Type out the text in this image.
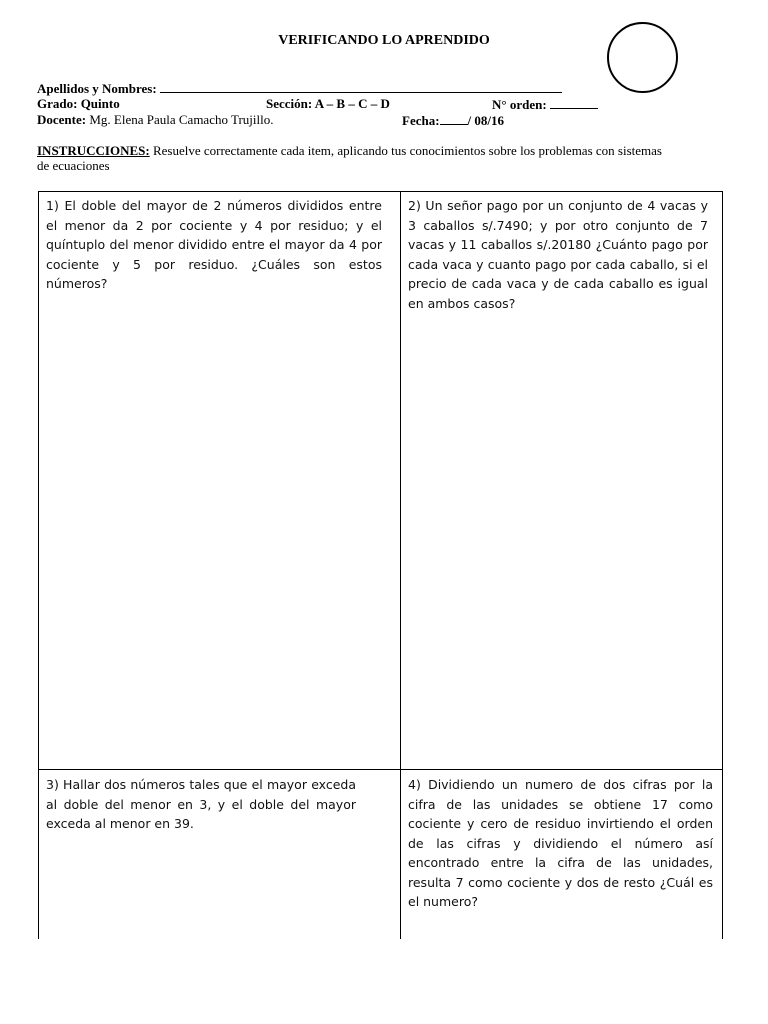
VERIFICANDO LO APRENDIDO
Apellidos y Nombres:
Grado: Quinto	Sección: A – B – C – D	N° orden:
Docente: Mg. Elena Paula Camacho Trujillo.	Fecha: / 08/16
INSTRUCCIONES: Resuelve correctamente cada item, aplicando tus conocimientos sobre los problemas con sistemas de ecuaciones
1) El doble del mayor de 2 números divididos entre el menor da 2 por cociente y 4 por residuo; y el quíntuplo del menor dividido entre el mayor da 4 por cociente y 5 por residuo. ¿Cuáles son estos números?
2) Un señor pago por un conjunto de 4 vacas y 3 caballos s/.7490; y por otro conjunto de 7 vacas y 11 caballos s/.20180 ¿Cuánto pago por cada vaca y cuanto pago por cada caballo, si el precio de cada vaca y de cada caballo es igual en ambos casos?
3) Hallar dos números tales que el mayor exceda al doble del menor en 3, y el doble del mayor exceda al menor en 39.
4) Dividiendo un numero de dos cifras por la cifra de las unidades se obtiene 17 como cociente y cero de residuo invirtiendo el orden de las cifras y dividiendo el número así encontrado entre la cifra de las unidades, resulta 7 como cociente y dos de resto ¿Cuál es el numero?
